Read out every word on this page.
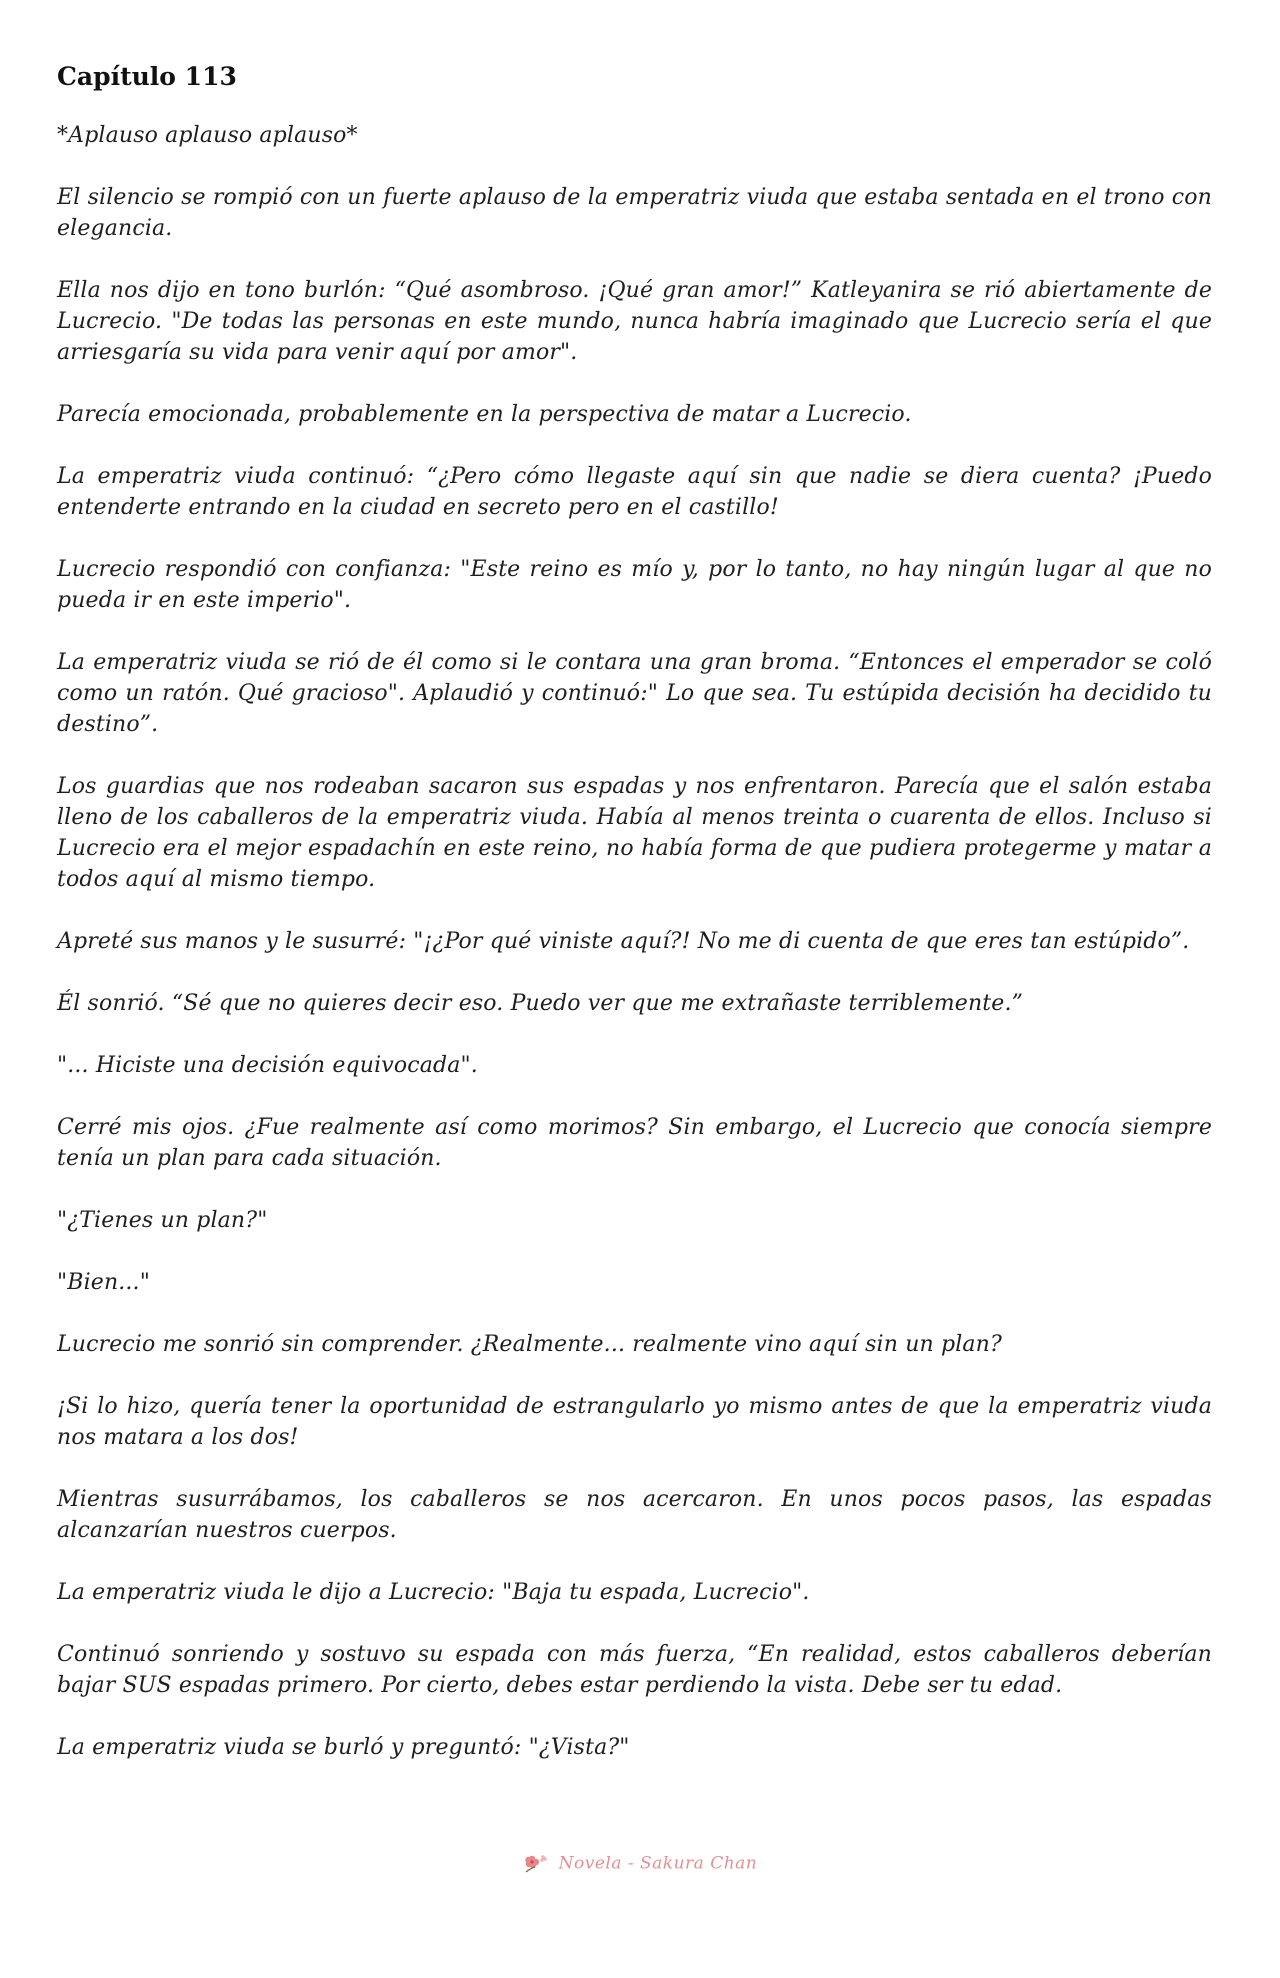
Capítulo 113

*Aplauso aplauso aplauso*

El silencio se rompió con un fuerte aplauso de la emperatriz viuda que estaba sentada en el trono con elegancia.

Ella nos dijo en tono burlón: “Qué asombroso. ¡Qué gran amor!” Katleyanira se rió abiertamente de Lucrecio. "De todas las personas en este mundo, nunca habría imaginado que Lucrecio sería el que arriesgaría su vida para venir aquí por amor".

Parecía emocionada, probablemente en la perspectiva de matar a Lucrecio.

La emperatriz viuda continuó: “¿Pero cómo llegaste aquí sin que nadie se diera cuenta? ¡Puedo entenderte entrando en la ciudad en secreto pero en el castillo!

Lucrecio respondió con confianza: "Este reino es mío y, por lo tanto, no hay ningún lugar al que no pueda ir en este imperio".

La emperatriz viuda se rió de él como si le contara una gran broma. “Entonces el emperador se coló como un ratón. Qué gracioso". Aplaudió y continuó:" Lo que sea. Tu estúpida decisión ha decidido tu destino”.

Los guardias que nos rodeaban sacaron sus espadas y nos enfrentaron. Parecía que el salón estaba lleno de los caballeros de la emperatriz viuda. Había al menos treinta o cuarenta de ellos. Incluso si Lucrecio era el mejor espadachín en este reino, no había forma de que pudiera protegerme y matar a todos aquí al mismo tiempo.

Apreté sus manos y le susurré: "¡¿Por qué viniste aquí?! No me di cuenta de que eres tan estúpido”.

Él sonrió. “Sé que no quieres decir eso. Puedo ver que me extrañaste terriblemente.”

"... Hiciste una decisión equivocada".

Cerré mis ojos. ¿Fue realmente así como morimos? Sin embargo, el Lucrecio que conocía siempre tenía un plan para cada situación.

"¿Tienes un plan?"

"Bien..."

Lucrecio me sonrió sin comprender. ¿Realmente... realmente vino aquí sin un plan?

¡Si lo hizo, quería tener la oportunidad de estrangularlo yo mismo antes de que la emperatriz viuda nos matara a los dos!

Mientras susurrábamos, los caballeros se nos acercaron. En unos pocos pasos, las espadas alcanzarían nuestros cuerpos.

La emperatriz viuda le dijo a Lucrecio: "Baja tu espada, Lucrecio".

Continuó sonriendo y sostuvo su espada con más fuerza, “En realidad, estos caballeros deberían bajar SUS espadas primero. Por cierto, debes estar perdiendo la vista. Debe ser tu edad.

La emperatriz viuda se burló y preguntó: "¿Vista?"

Novela - Sakura Chan
